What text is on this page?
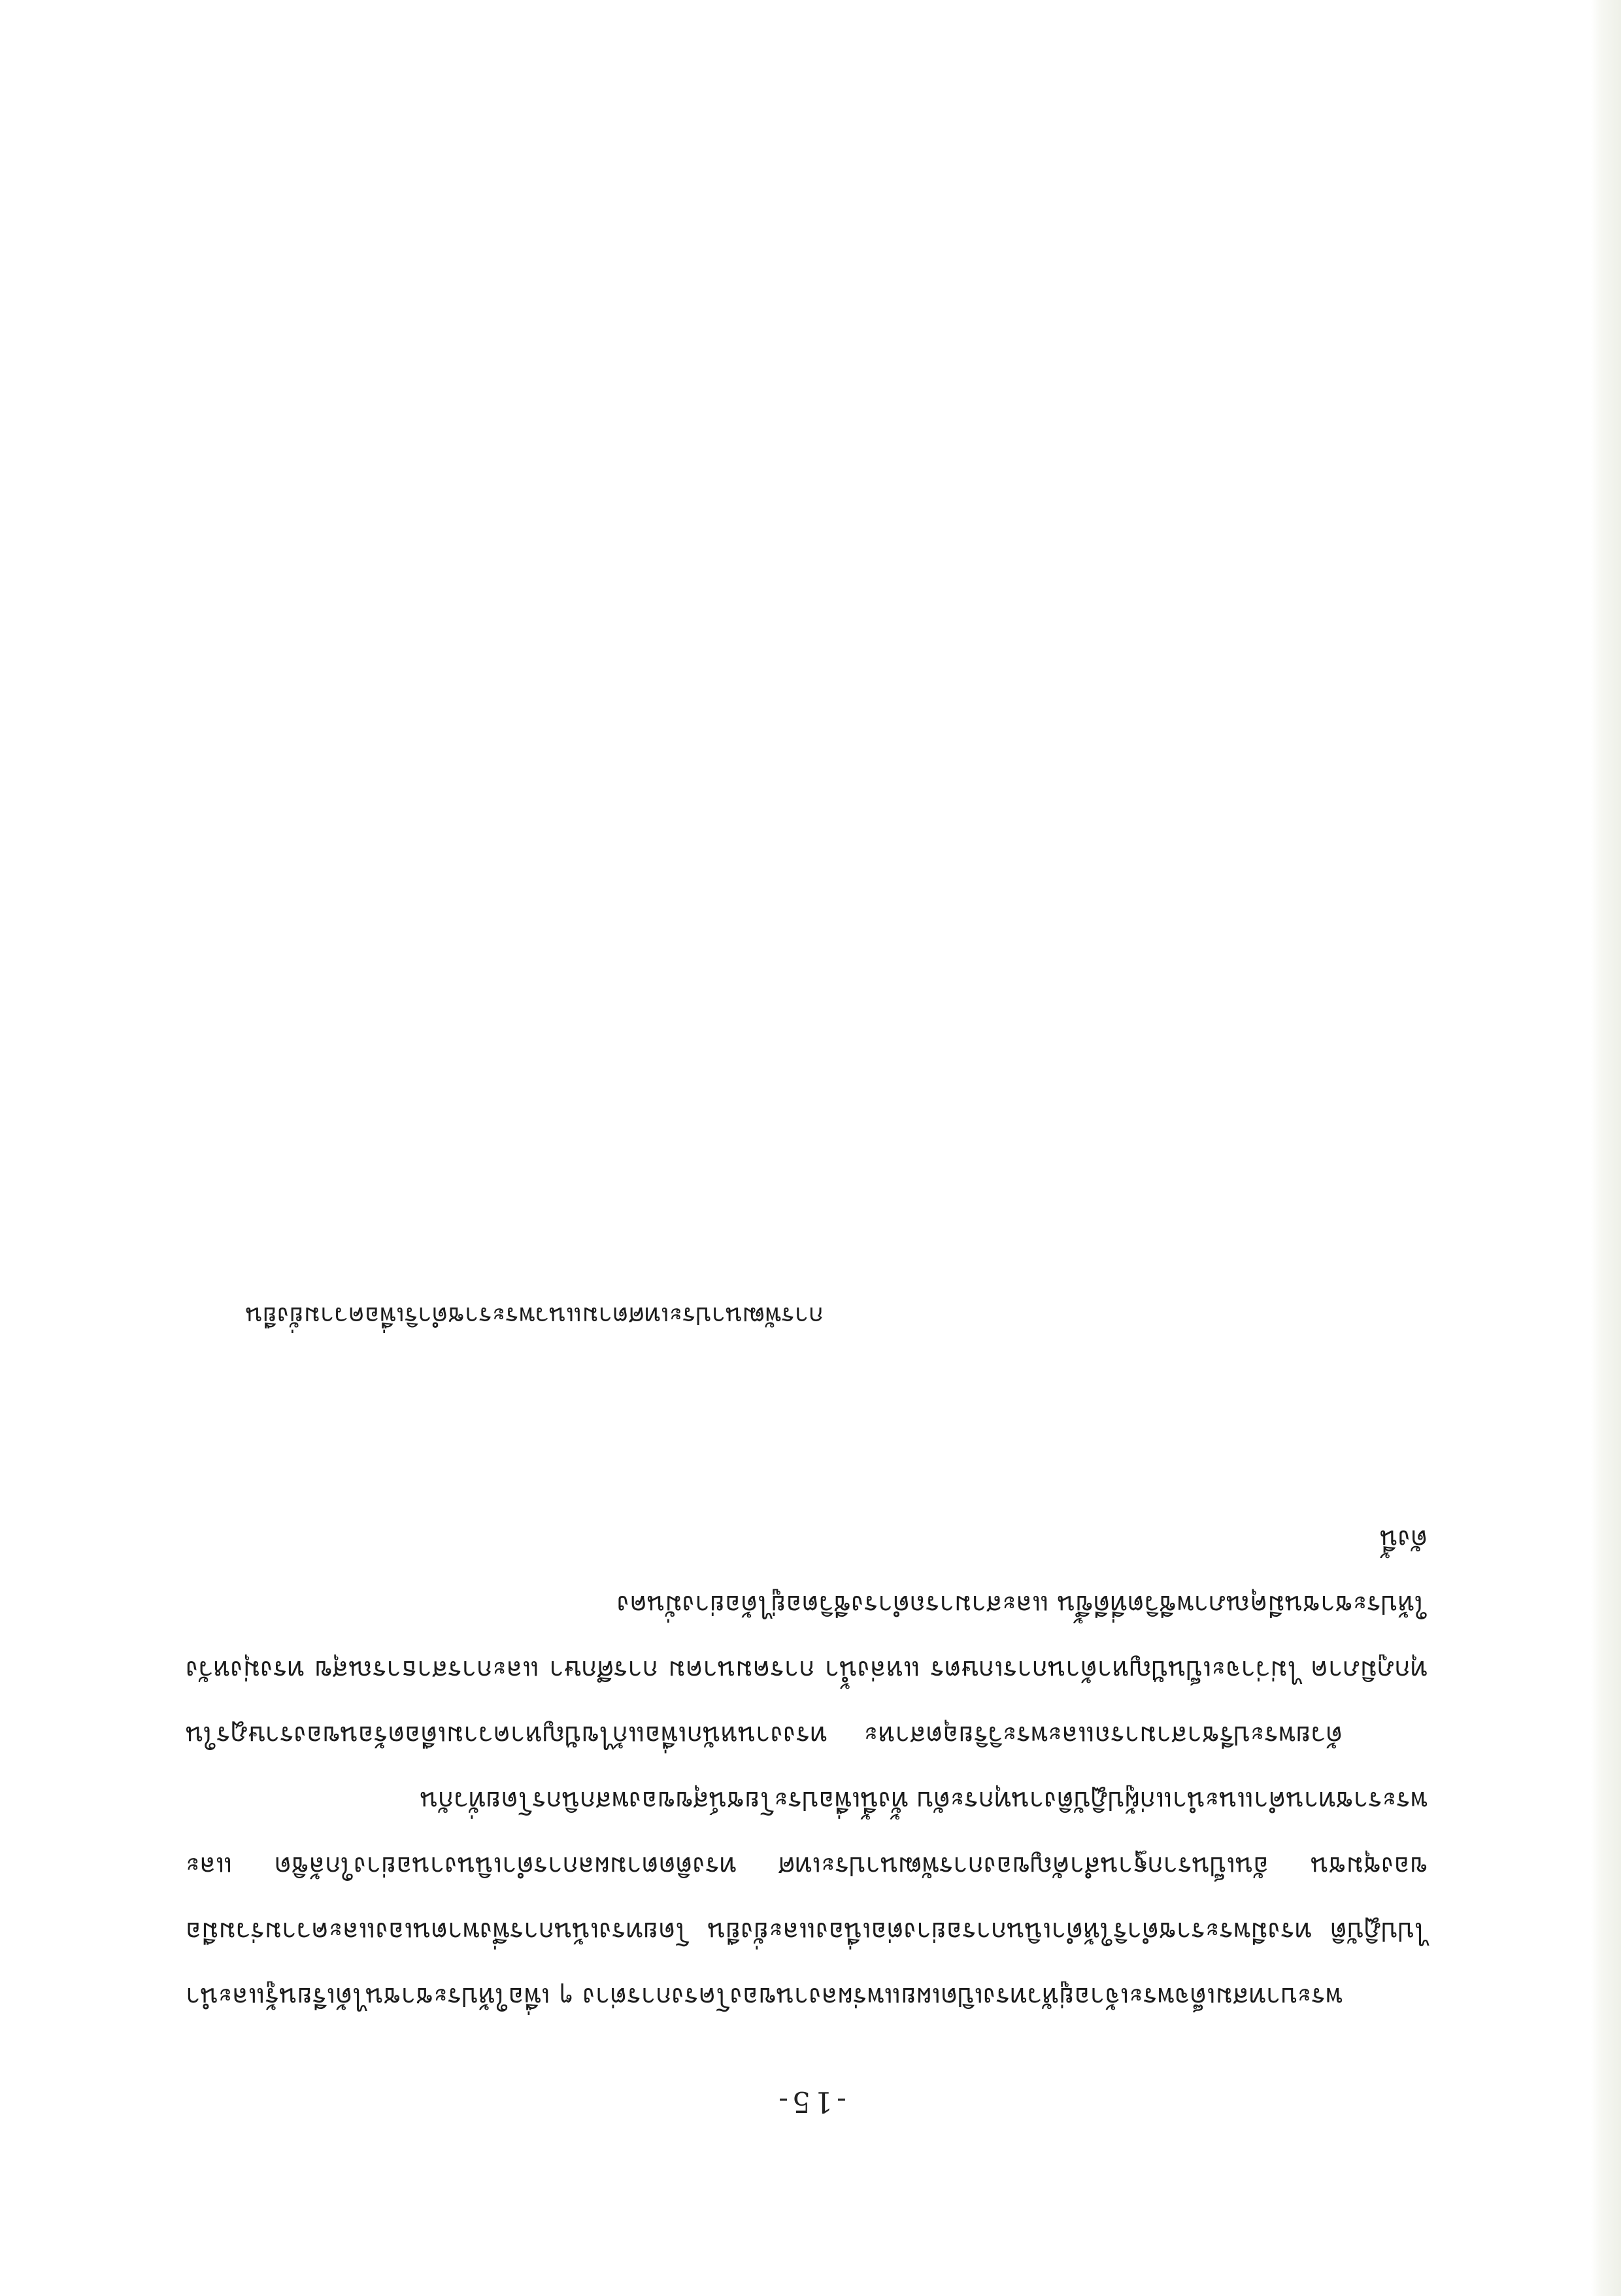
-15-

พระบาทสมเด็จพระเจ้าอยู่หัวทรงเปิดเผยแพร่ผลงานของโครงการต่าง ๆ เพื่อให้ประชาชนได้เรียนรู้และนำไปปฏิบัติ ทรงมีพระราชดำริให้ดำเนินการอย่างต่อเนื่องและยั่งยืน โดยทรงเน้นการพึ่งพาตนเองและความร่วมมือของชุมชน อันเป็นรากฐานสำคัญของการพัฒนาประเทศ ทรงติดตามผลการดำเนินงานอย่างใกล้ชิด และพระราชทานคำแนะนำแก่ผู้ปฏิบัติงานทุกระดับ ทั้งนี้เพื่อประโยชน์สุขของพสกนิกรโดยทั่วกัน

ด้วยพระปรีชาสามารถและพระวิริยอุตสาหะ ทรงงานหนักเพื่อแก้ไขปัญหาความเดือดร้อนของราษฎรในทุกภูมิภาค ไม่ว่าจะเป็นปัญหาด้านการเกษตร แหล่งน้ำ การคมนาคม การศึกษา และการสาธารณสุข ทรงมุ่งหวังให้ประชาชนมีคุณภาพชีวิตที่ดีขึ้น และสามารถดำรงชีวิตอยู่ได้อย่างมั่นคง

ดังนี้

การพัฒนาประเทศตามแนวพระราชดำริเพื่อความยั่งยืน
